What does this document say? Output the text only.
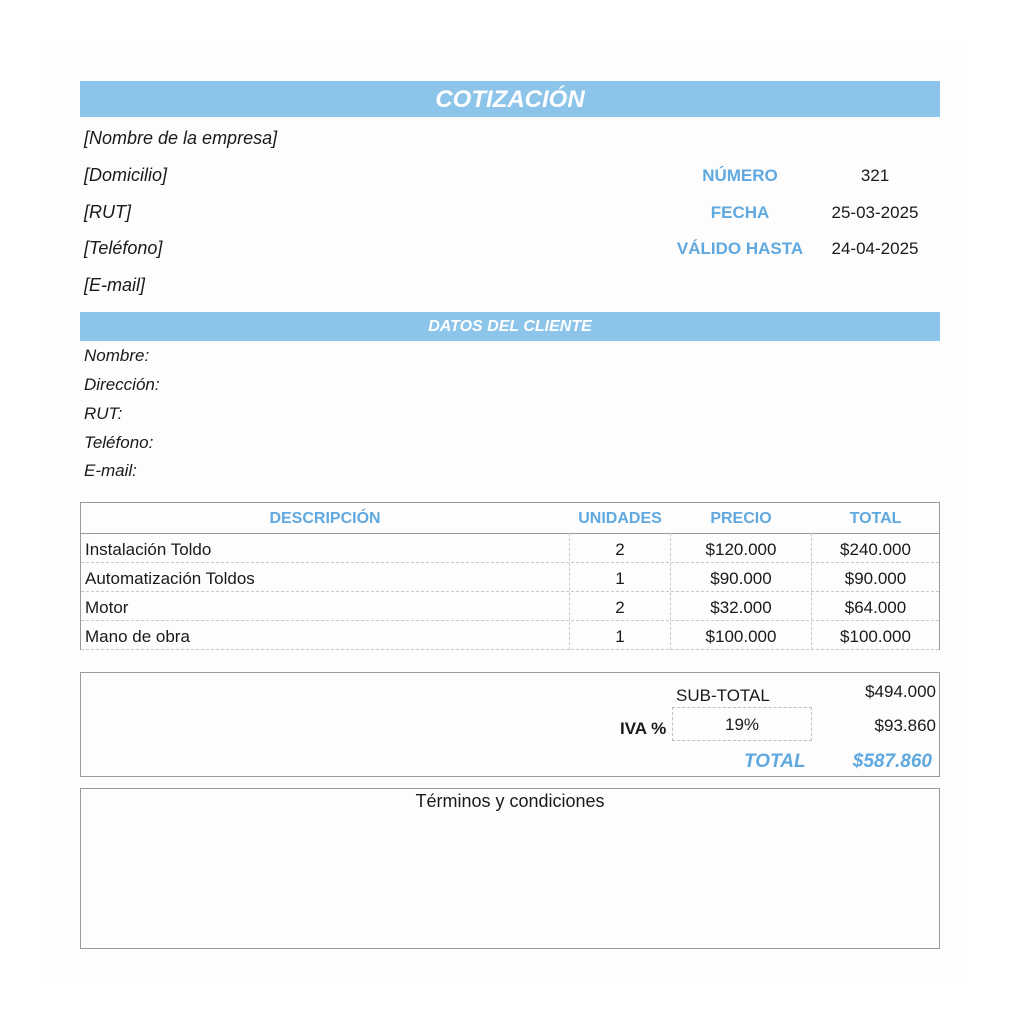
COTIZACIÓN
[Nombre de la empresa]
[Domicilio]
[RUT]
[Teléfono]
[E-mail]
NÚMERO	321
FECHA	25-03-2025
VÁLIDO HASTA	24-04-2025
DATOS DEL CLIENTE
Nombre:
Dirección:
RUT:
Teléfono:
E-mail:
DESCRIPCIÓN	UNIDADES	PRECIO	TOTAL
Instalación Toldo	2	$120.000	$240.000
Automatización Toldos	1	$90.000	$90.000
Motor	2	$32.000	$64.000
Mano de obra	1	$100.000	$100.000
SUB-TOTAL	$494.000
IVA %	19%	$93.860
TOTAL	$587.860
Términos y condiciones
